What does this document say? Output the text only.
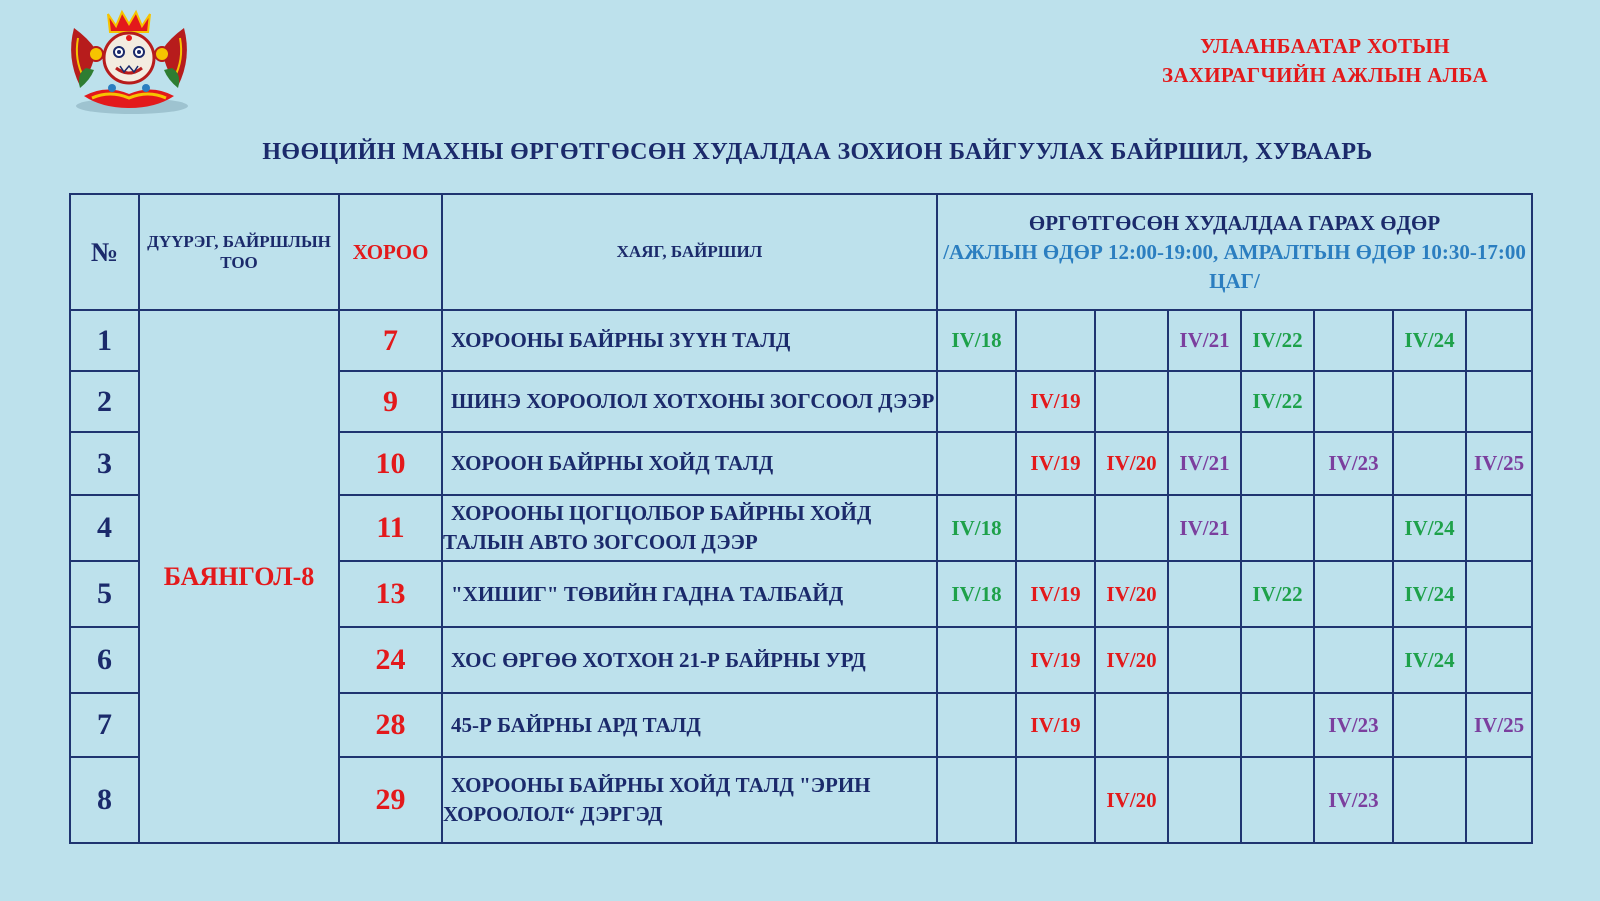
УЛААНБААТАР ХОТЫН
ЗАХИРАГЧИЙН АЖЛЫН АЛБА
НӨӨЦИЙН МАХНЫ ӨРГӨТГӨСӨН ХУДАЛДАА ЗОХИОН БАЙГУУЛАХ БАЙРШИЛ, ХУВААРЬ
№	ДҮҮРЭГ, БАЙРШЛЫН ТОО	ХОРОО	ХАЯГ, БАЙРШИЛ	ӨРГӨТГӨСӨН ХУДАЛДАА ГАРАХ ӨДӨР
/АЖЛЫН ӨДӨР 12:00-19:00, АМРАЛТЫН ӨДӨР 10:30-17:00 ЦАГ/							

1	БАЯНГОЛ-8	7	ХОРООНЫ БАЙРНЫ ЗҮҮН ТАЛД	IV/18			IV/21	IV/22		IV/24	
2		9	ШИНЭ ХОРООЛОЛ ХОТХОНЫ ЗОГСООЛ ДЭЭР		IV/19			IV/22			
3		10	ХОРООН БАЙРНЫ ХОЙД ТАЛД		IV/19	IV/20	IV/21		IV/23		IV/25
4		11	ХОРООНЫ ЦОГЦОЛБОР БАЙРНЫ ХОЙД ТАЛЫН АВТО ЗОГСООЛ ДЭЭР	IV/18			IV/21			IV/24	
5		13	"ХИШИГ" ТӨВИЙН ГАДНА ТАЛБАЙД	IV/18	IV/19	IV/20		IV/22		IV/24	
6		24	ХОС ӨРГӨӨ ХОТХОН 21-Р БАЙРНЫ УРД		IV/19	IV/20				IV/24	
7		28	45-Р БАЙРНЫ АРД ТАЛД		IV/19				IV/23		IV/25
8		29	ХОРООНЫ БАЙРНЫ ХОЙД ТАЛД "ЭРИН ХОРООЛОЛ“ ДЭРГЭД			IV/20			IV/23		
